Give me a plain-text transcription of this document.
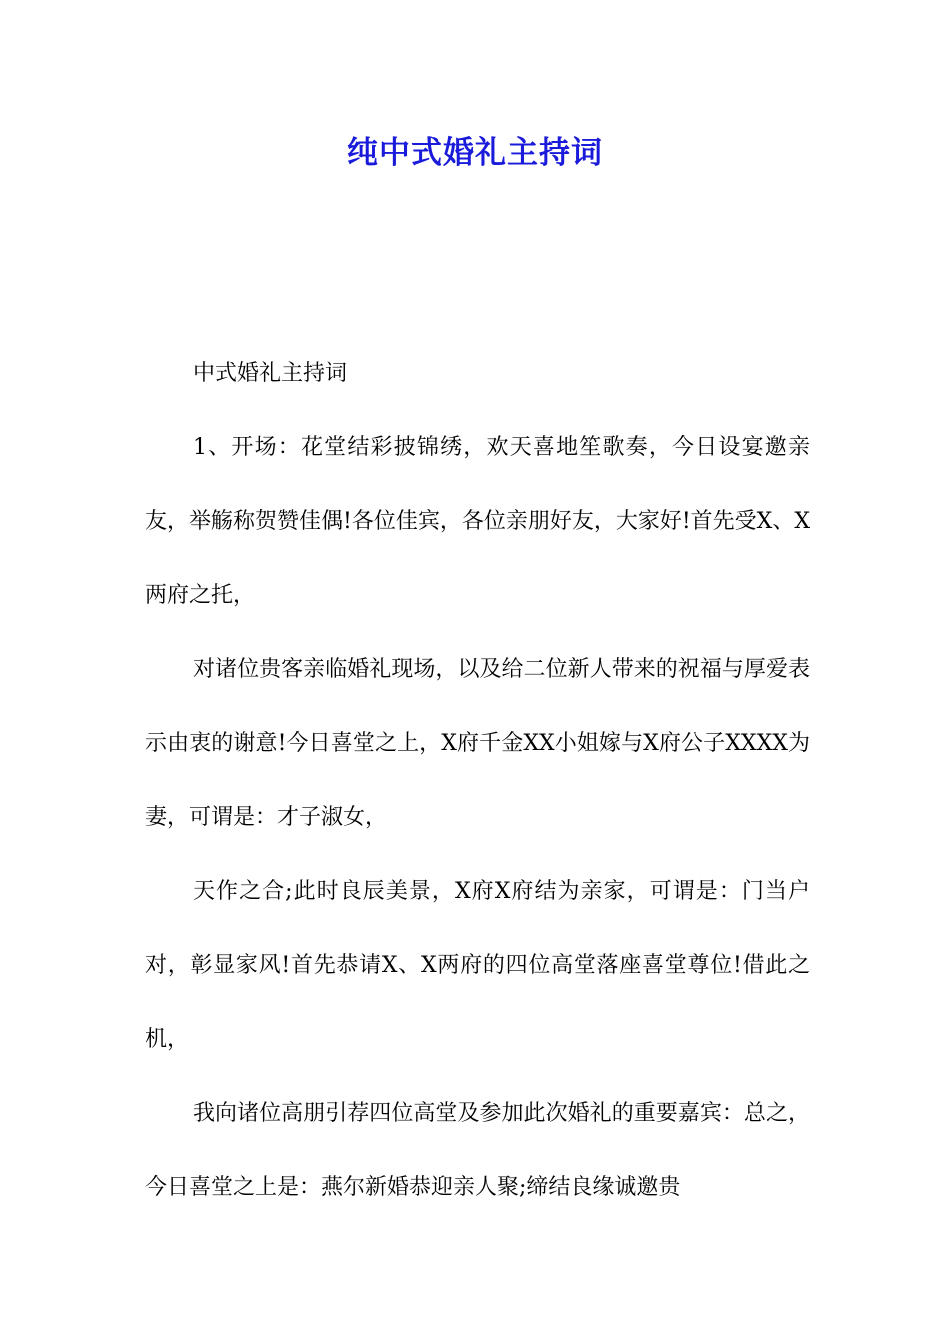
纯中式婚礼主持词

中式婚礼主持词

1、开场：花堂结彩披锦绣，欢天喜地笙歌奏，今日设宴邀亲友，举觞称贺赞佳偶!各位佳宾，各位亲朋好友，大家好!首先受X、X两府之托，

对诸位贵客亲临婚礼现场，以及给二位新人带来的祝福与厚爱表示由衷的谢意!今日喜堂之上，X府千金XX小姐嫁与X府公子XXXX为妻，可谓是：才子淑女，

天作之合;此时良辰美景，X府X府结为亲家，可谓是：门当户对，彰显家风!首先恭请X、X两府的四位高堂落座喜堂尊位!借此之机，

我向诸位高朋引荐四位高堂及参加此次婚礼的重要嘉宾：总之，今日喜堂之上是：燕尔新婚恭迎亲人聚;缔结良缘诚邀贵
